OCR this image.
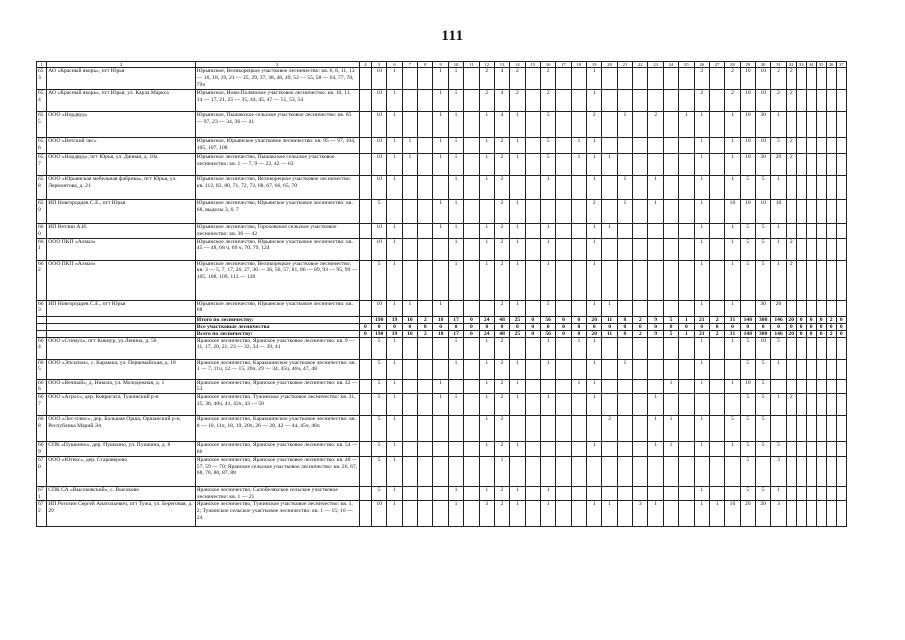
111
1	2	3	4	5	6	7	8	9	10	11	12	13	14	15	16	17	18	19	20	21	22	23	24	25	26	27	28	29	30	31	32	33	34	35	36	37
653	АО «Красный якорь», пгт Юрья	Юрьянское, Великорецкое участковое лесничество: кв. 6, 8, 11, 13 — 16, 18, 19, 21 — 25, 29, 37, 38, 48, 49, 52 — 55, 58 — 64, 77, 78, 79ч		10	1			1	1		2	4	2		2			1							2		2	10	10	2	2					
654	АО «Красный якорь», пгт Юрья, ул. Карла Маркса	Юрьянское, Ново-Полянское участковое лесничество: кв. 10, 11, 14 — 17, 21, 25 — 35, 44, 45, 47 — 51, 53, 54		10	1			1	1		2	4	2		2			1							2		2	10	10	2	2					
655	ООО «Нордвуд»	Юрьянское, Пышакское сельское участковое лесничество: кв. 65 — 97, 23 — 34, 36 — 41		10	1			1	1		1	4	1		5			2		1		2		1	1		1	10	30	1						
656	ООО «Вятский лес»	Юрьянское, Юрьянское участковое лесничество: кв. 95 — 97, 104, 105, 107, 108		10	1	1		1	1		1	2	1		5		1	1							1		1	10	10	5	2					
657	ООО «Нордвуд», пгт Юрья, ул. Дачная, д. 10а	Юрьянское лесничество, Пышакское сельское участковое лесничество: кв. 1 — 7, 9 — 22, 42 — 63		10	1	1		1	1		1	2	1		5		1	1	1						1		1	10	30	20	2					
658	ООО «Юрьянская мебельная фабрика», пгт Юрья, ул. Лермонтова, д. 21	Юрьянское лесничество, Великорецкое участковое лесничество: кв. 112, 82, 80, 71, 72, 73, 68, 67, 66, 65, 70		10	1				1		1	2			1			1		1		1			1		1	5	5	1						
659	ИП Новгородцев С.Е., пгт Юрья	Юрьянское лесничество, Юрьянское участковое лесничество: кв. 68, выделы 3, 6, 7		5				1	1			2	1					2		1		1			1		10	10	10	10						
660	ИП Ветлин А.И.	Юрьянское лесничество, Гороховское сельское участковое лесничество: кв. 36 — 42		10	1			1	1		1	2	1		1			1	1						1		1	5	5	1						
661	ООО ПКП «Алмаз»	Юрьянское лесничество, Юрьянское участковое лесничество: кв. 45 — 48, 68 ч, 69 ч, 70, 79, 124		10	1				1		1	2	1		1			1							1		1	5	5	1	2					
662	ООО ПКП «Алмаз»	Юрьянское лесничество, Великорецкое участковое лесничество: кв. 3 — 5, 7, 17, 26, 27, 30 — 36, 56, 57, 81, 86 — 89, 93 — 95, 99 — 105, 108, 109, 113 — 120		5	1				1		1	2	1		1			1							1		1	5	5	1	2					
663	ИП Новгородцев С.Е., пгт Юрья	Юрьянское лесничество, Юрьянское участковое лесничество: кв. 68		10	1	1		1				2	1		5			1	1						1		1		30	20						
		Итого по лесничеству:		190	19	10	2	18	17	0	24	48	25	0	56	0	0	20	11	8	2	9	5	1	21	2	31	148	300	146	20	0	0	0	2	0
		Все участковые лесничества	0	0	0	0	0	0	0	0	0	0	0	0	0	0	0	0	0	0	0	0	0	0	0	0	0	0	0	0	0	0	0	0	0	0
		Всего по лесничеству:	0	190	19	10	2	18	17	0	24	48	25	0	56	0	0	20	11	8	2	9	5	1	21	2	31	148	300	146	20	0	0	0	2	0
664	ООО «Стимул», пгт Кикнур, ул.Ленина, д. 56	Яранское лесничество, Яранское участковое лесничество: кв. 9 — 11, 17, 20, 21, 23 — 32, 34 — 39, 41		5	1				1		1	2			1		1	1							1		1	5	10	5						
665	ООО «Эпсилон», с. Каракша, ул. Первомайская, д. 18	Яранское лесничество, Каракшинское участковое лесничество: кв. 1 — 7, 11ч, 12 — 15, 20ч, 29 — 34, 45ч, 46ч, 47, 48		5	1				1		1	2	1		1			1		1					1			5	5	1						
666	ООО «Вечный», д. Никола, ул. Молодежная, д. 1	Яранское лесничество, Яранское участковое лесничество: кв. 42 — 53		5	1			1			1	2	1				1	1					1		1		1	10	5							
667	ООО «Агрос», дер. Ковригата, Тужинский р-н	Яранское лесничество, Тужинское участковое лесничество: кв. 31, 35, 36, 40ч, 41, 42ч, 43 — 50		5	1			1	1		1	2	1		1			1				1						5	5	1	2					
668	ООО «Лес-плюс», дер. Большая Орша, Оршанский р-н, Республика Марий Эл	Яранское лесничество, Каракшинское участковое лесничество: кв. 8 — 10, 11ч, 18, 19, 20ч, 26 — 28, 42 — 44, 45ч, 46ч		5	1						1	2							2			1	1		1		5	5	5							
669	СПК «Пушкино», дер. Пушкино, ул. Пушкина, д. 8	Яранское лесничество, Яранское участковое лесничество: кв. 54 — 66		5	1						1	2	1					1				1	1		1		1	5	5	5						
670	ООО «Ютекс», дер. Староверово	Яранское лесничество, Яранское участковое лесничество: кв. 48 — 57, 59 — 70; Яранское сельское участковое лесничество: кв. 26, 67, 68, 78, 80, 87, 88		5	1							1																5		3						
671	СПК СА «Высоковский», с. Высоково	Яранское лесничество, Салобелякское сельское участковое лесничество: кв. 1 — 21		5	1				1		1	2	1		1										1			5	5	1						
672	ИП Рогозин Сергей Анатольевич, пгт Тужа, ул. Береговая, д. 29	Яранское лесничество, Тужинское участковое лесничество: кв. 1, 2; Тужинское сельское участковое лесничество: кв. 1 — 15; 16 — 24		10	1				1		3	2	1		1			1	1		3	1			1	1	10	20	20	3						
